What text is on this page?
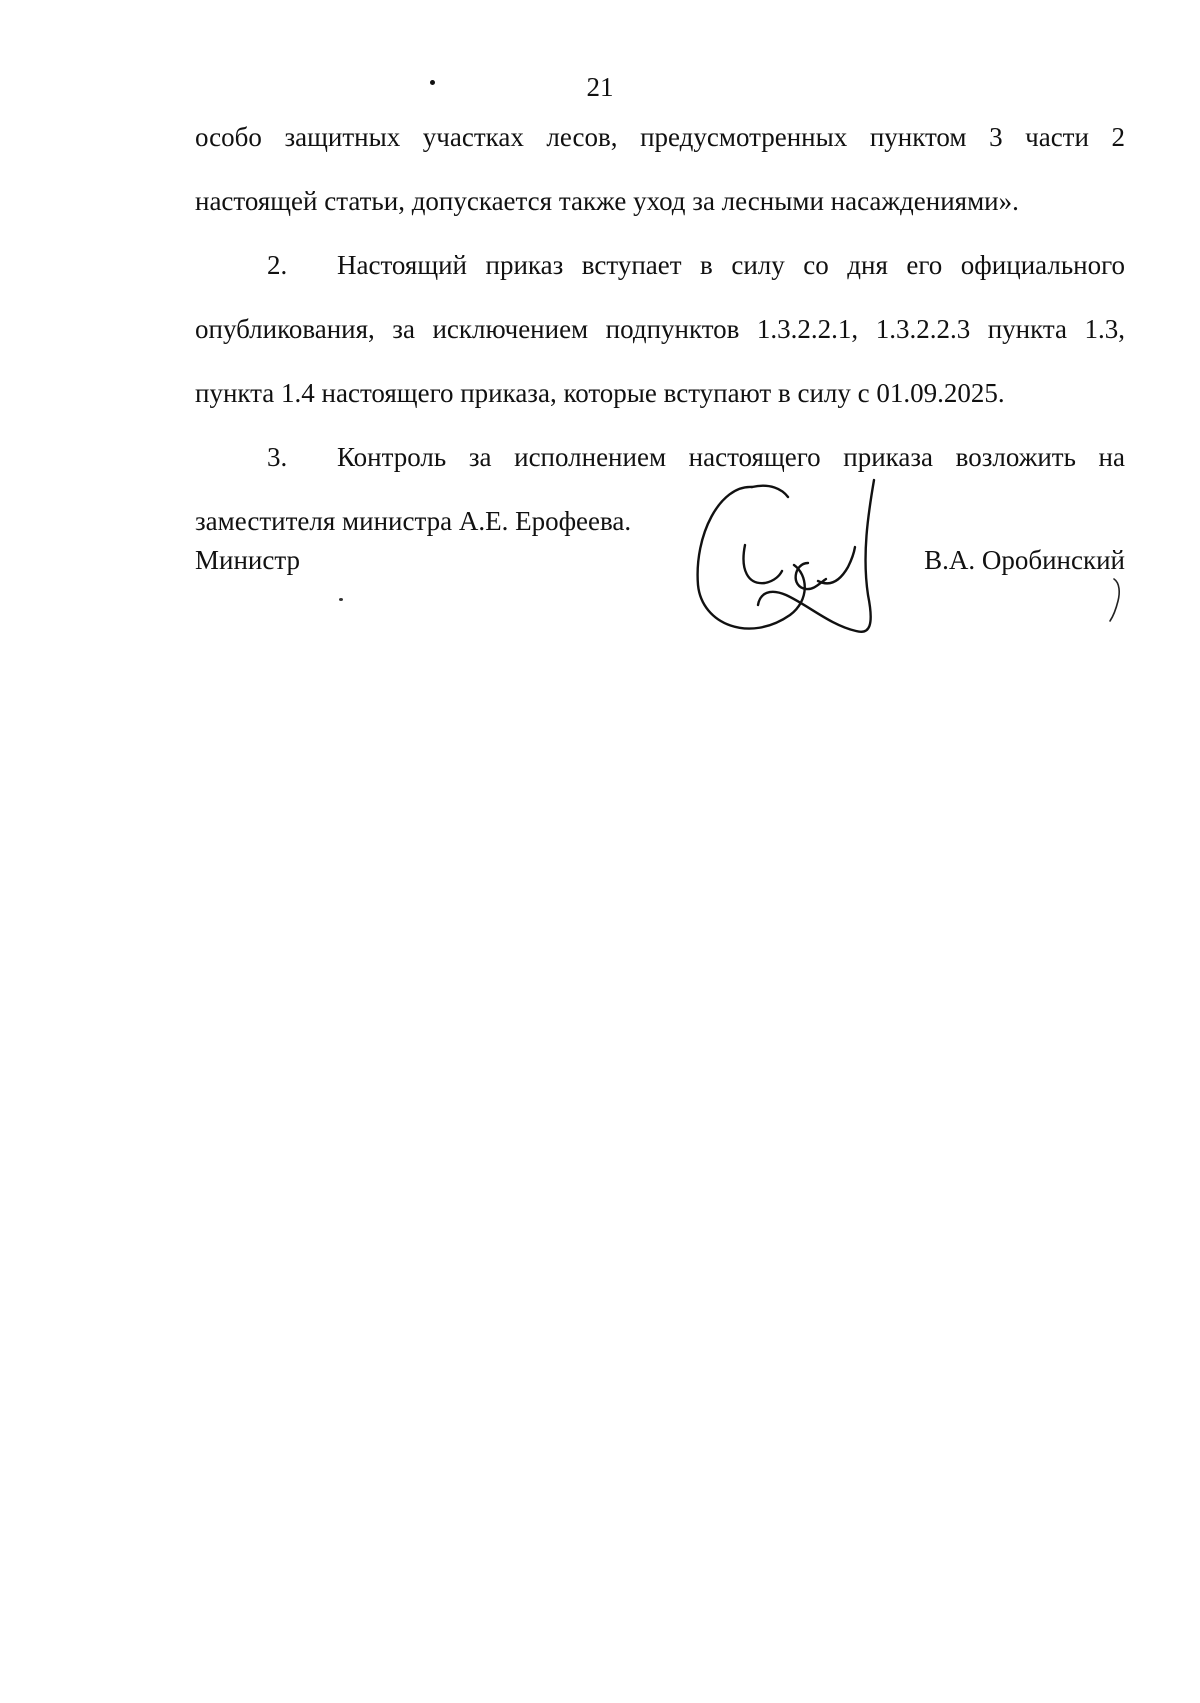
21

особо защитных участках лесов, предусмотренных пунктом 3 части 2 настоящей статьи, допускается также уход за лесными насаждениями».

2. Настоящий приказ вступает в силу со дня его официального опубликования, за исключением подпунктов 1.3.2.2.1, 1.3.2.2.3 пункта 1.3, пункта 1.4 настоящего приказа, которые вступают в силу с 01.09.2025.

3. Контроль за исполнением настоящего приказа возложить на заместителя министра А.Е. Ерофеева.

Министр	В.А. Оробинский
